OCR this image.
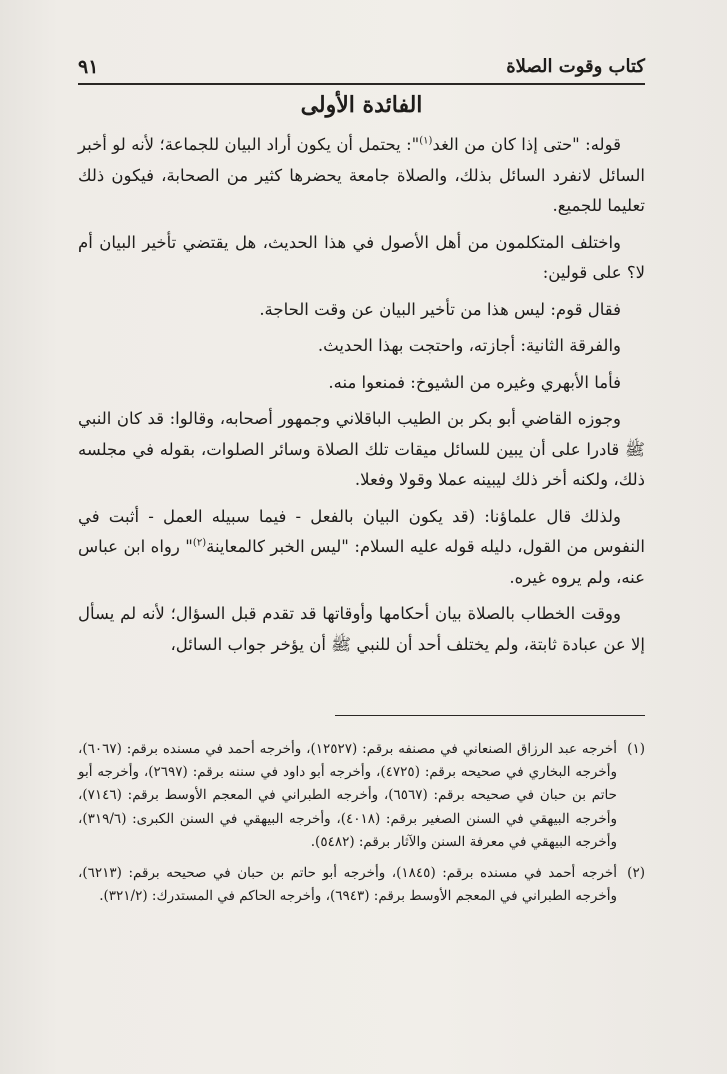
كتاب وقوت الصلاة
٩١
الفائدة الأولى

قوله: "حتى إذا كان من الغد$^{(١)}$": يحتمل أن يكون أراد البيان للجماعة؛ لأنه لو أخبر السائل لانفرد السائل بذلك، والصلاة جامعة يحضرها كثير من الصحابة، فيكون ذلك تعليما للجميع.

واختلف المتكلمون من أهل الأصول في هذا الحديث، هل يقتضي تأخير البيان أم لا؟ على قولين:

فقال قوم: ليس هذا من تأخير البيان عن وقت الحاجة.

والفرقة الثانية: أجازته، واحتجت بهذا الحديث.

فأما الأبهري وغيره من الشيوخ: فمنعوا منه.

وجوزه القاضي أبو بكر بن الطيب الباقلاني وجمهور أصحابه، وقالوا: قد كان النبي ﷺ قادرا على أن يبين للسائل ميقات تلك الصلاة وسائر الصلوات، بقوله في مجلسه ذلك، ولكنه أخر ذلك ليبينه عملا وقولا وفعلا.

ولذلك قال علماؤنا: (قد يكون البيان بالفعل - فيما سبيله العمل - أثبت في النفوس من القول، دليله قوله عليه السلام: "ليس الخبر كالمعاينة$^{(٢)}$" رواه ابن عباس عنه، ولم يروه غيره.

ووقت الخطاب بالصلاة بيان أحكامها وأوقاتها قد تقدم قبل السؤال؛ لأنه لم يسأل إلا عن عبادة ثابتة، ولم يختلف أحد أن للنبي ﷺ أن يؤخر جواب السائل،

(١)
أخرجه عبد الرزاق الصنعاني في مصنفه برقم: (١٢٥٢٧)، وأخرجه أحمد في مسنده برقم: (٦٠٦٧)، وأخرجه البخاري في صحيحه برقم: (٤٧٢٥)، وأخرجه أبو داود في سننه برقم: (٢٦٩٧)، وأخرجه أبو حاتم بن حبان في صحيحه برقم: (٦٥٦٧)، وأخرجه الطبراني في المعجم الأوسط برقم: (٧١٤٦)، وأخرجه البيهقي في السنن الصغير برقم: (٤٠١٨)، وأخرجه البيهقي في السنن الكبرى: (٣١٩/٦)، وأخرجه البيهقي في معرفة السنن والآثار برقم: (٥٤٨٢).
(٢)
أخرجه أحمد في مسنده برقم: (١٨٤٥)، وأخرجه أبو حاتم بن حبان في صحيحه برقم: (٦٢١٣)، وأخرجه الطبراني في المعجم الأوسط برقم: (٦٩٤٣)، وأخرجه الحاكم في المستدرك: (٣٢١/٢).
